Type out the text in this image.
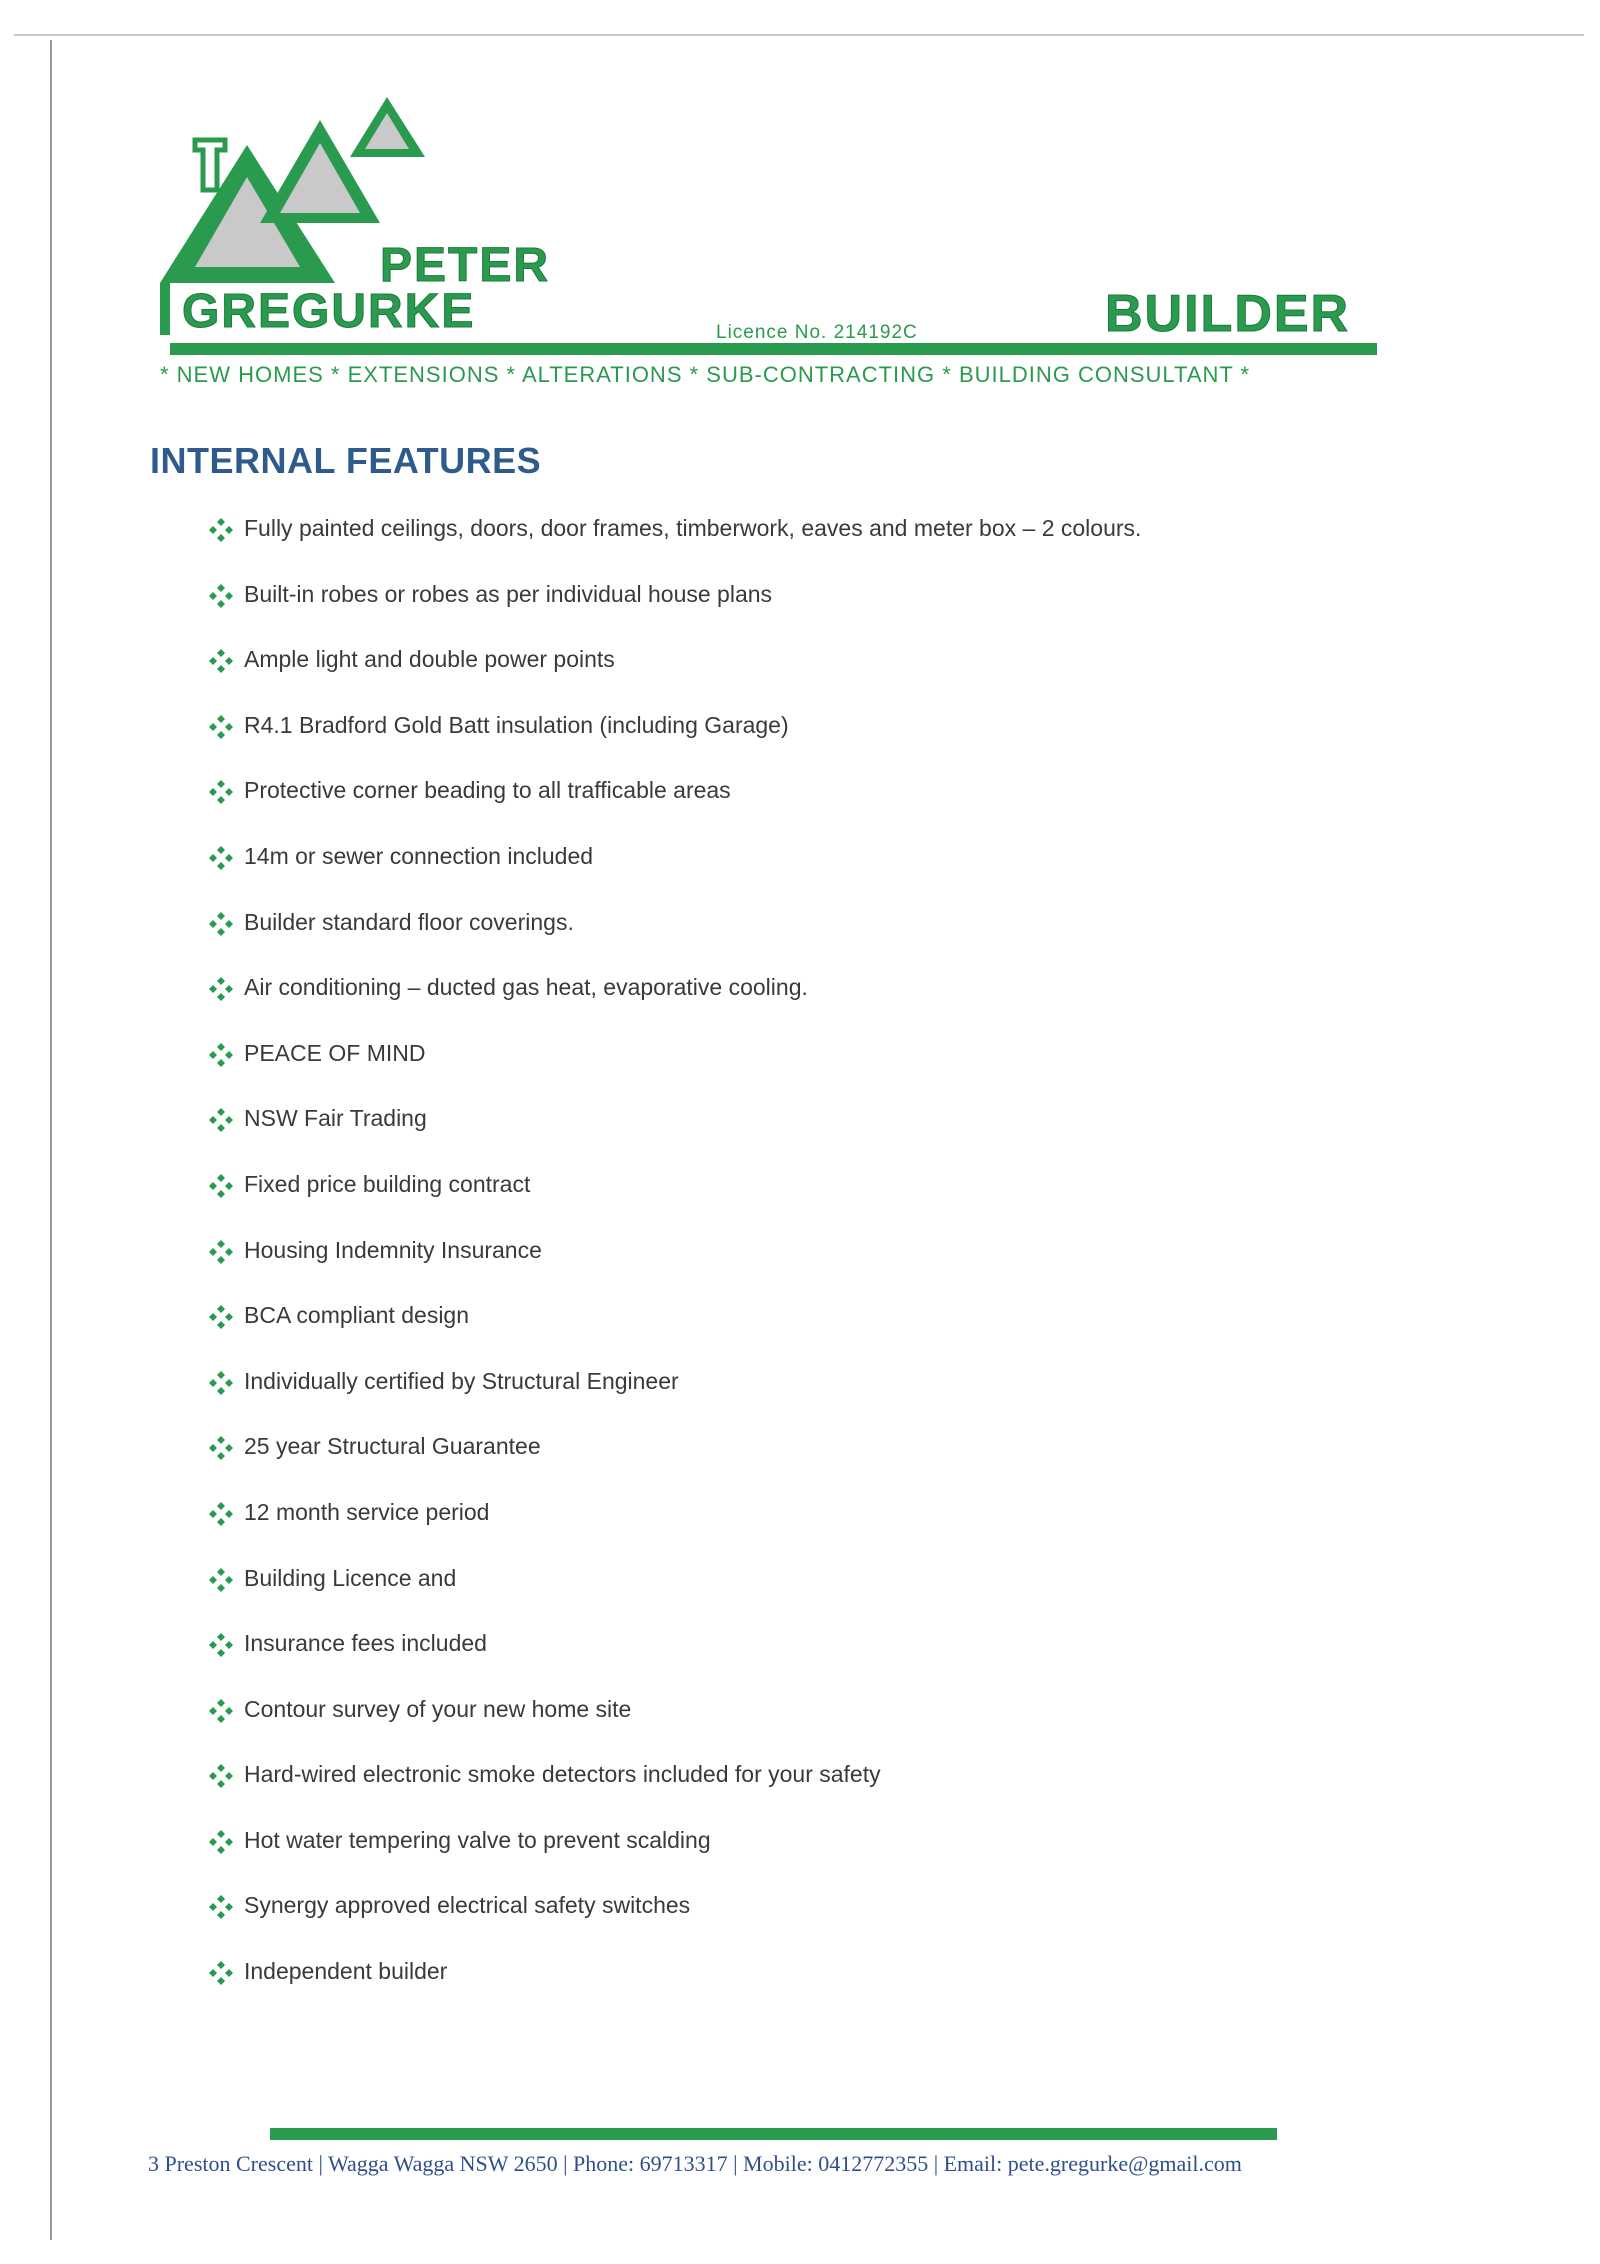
PETER
GREGURKE	Licence No. 214192C	BUILDER
* NEW HOMES * EXTENSIONS * ALTERATIONS * SUB-CONTRACTING * BUILDING CONSULTANT *
INTERNAL FEATURES
Fully painted ceilings, doors, door frames, timberwork, eaves and meter box – 2 colours.
Built-in robes or robes as per individual house plans
Ample light and double power points
R4.1 Bradford Gold Batt insulation (including Garage)
Protective corner beading to all trafficable areas
14m or sewer connection included
Builder standard floor coverings.
Air conditioning – ducted gas heat, evaporative cooling.
PEACE OF MIND
NSW Fair Trading
Fixed price building contract
Housing Indemnity Insurance
BCA compliant design
Individually certified by Structural Engineer
25 year Structural Guarantee
12 month service period
Building Licence and
Insurance fees included
Contour survey of your new home site
Hard-wired electronic smoke detectors included for your safety
Hot water tempering valve to prevent scalding
Synergy approved electrical safety switches
Independent builder
3 Preston Crescent | Wagga Wagga NSW 2650 | Phone: 69713317 | Mobile: 0412772355 | Email: pete.gregurke@gmail.com
